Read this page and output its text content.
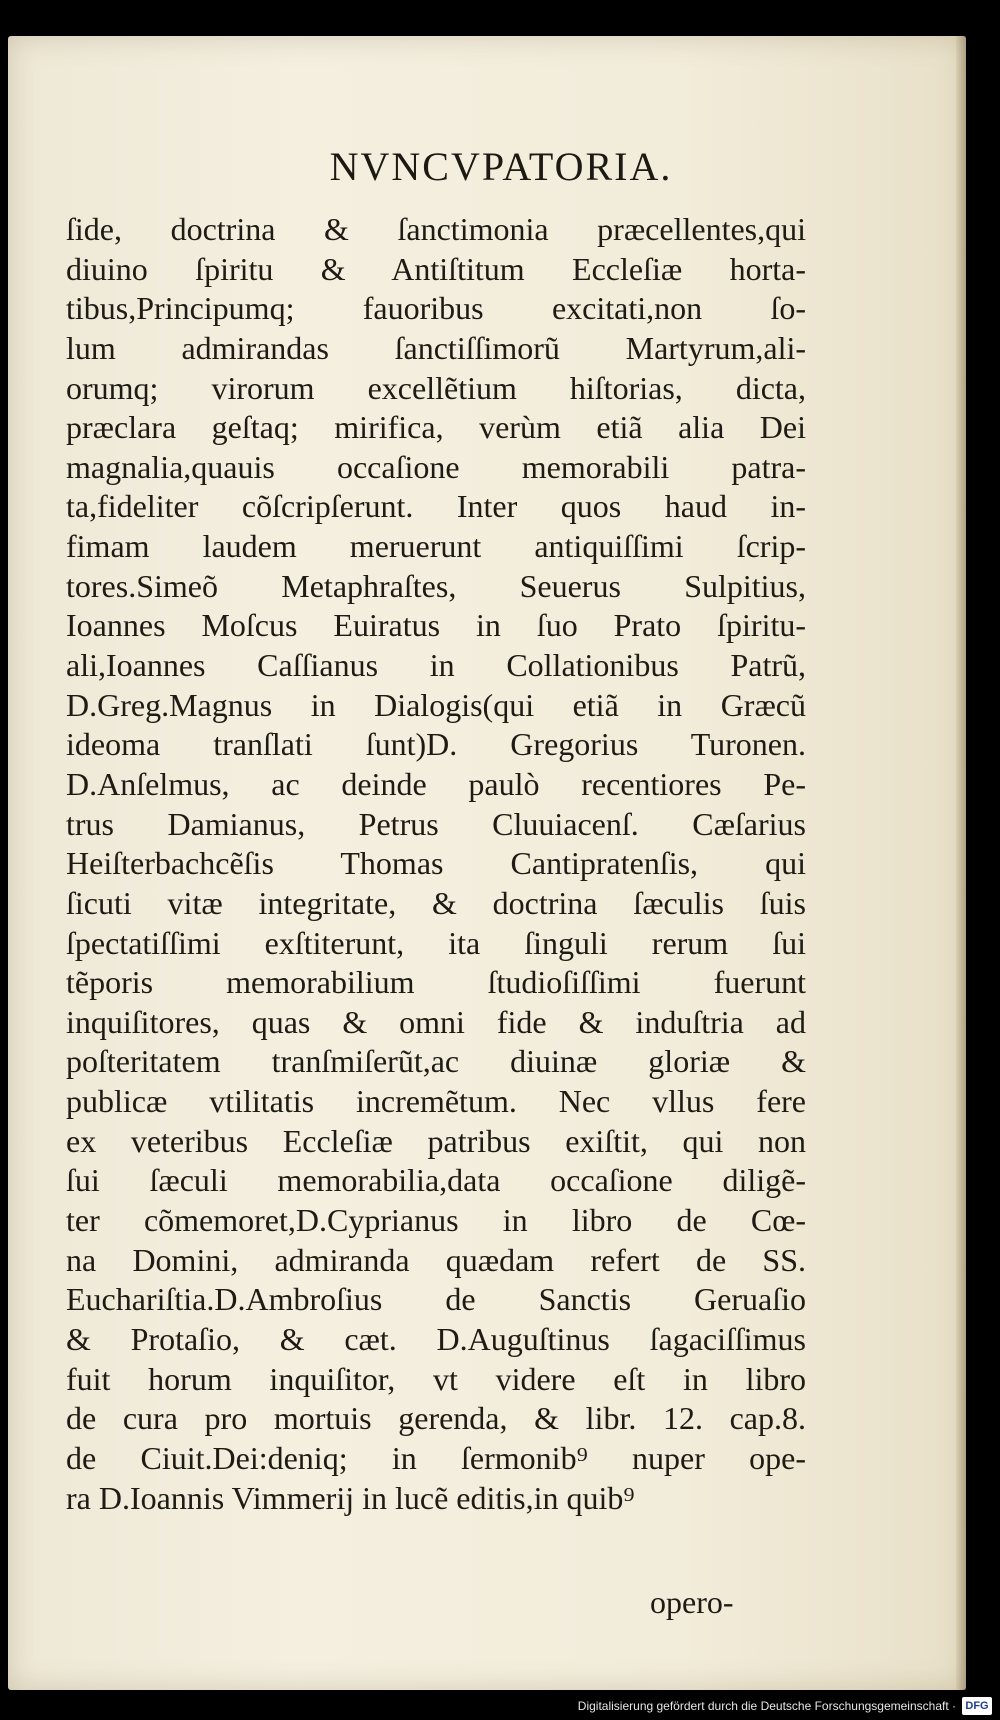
NVNCVPATORIA.
ſide, doctrina & ſanctimonia præcellentes,qui
diuino ſpiritu & Antiſtitum Eccleſiæ horta-
tibus,Principumq; fauoribus excitati,non ſo-
lum admirandas ſanctiſſimorũ Martyrum,ali-
orumq; virorum excellẽtium hiſtorias, dicta,
præclara geſtaq; mirifica, verùm etiã alia Dei
magnalia,quauis occaſione memorabili patra-
ta,fideliter cõſcripſerunt. Inter quos haud in-
fimam laudem meruerunt antiquiſſimi ſcrip-
tores.Simeõ Metaphraſtes, Seuerus Sulpitius,
Ioannes Moſcus Euiratus in ſuo Prato ſpiritu-
ali,Ioannes Caſſianus in Collationibus Patrũ,
D.Greg.Magnus in Dialogis(qui etiã in Græcũ
ideoma tranſlati ſunt)D. Gregorius Turonen.
D.Anſelmus, ac deinde paulò recentiores Pe-
trus Damianus, Petrus Cluuiacenſ. Cæſarius
Heiſterbachcẽſis Thomas Cantipratenſis, qui
ſicuti vitæ integritate, & doctrina ſæculis ſuis
ſpectatiſſimi exſtiterunt, ita ſinguli rerum ſui
tẽporis memorabilium ſtudioſiſſimi fuerunt
inquiſitores, quas & omni fide & induſtria ad
poſteritatem tranſmiſerũt,ac diuinæ gloriæ &
publicæ vtilitatis incremẽtum. Nec vllus fere
ex veteribus Eccleſiæ patribus exiſtit, qui non
ſui ſæculi memorabilia,data occaſione diligẽ-
ter cõmemoret,D.Cyprianus in libro de Cœ-
na Domini, admiranda quædam refert de SS.
Euchariſtia.D.Ambroſius de Sanctis Geruaſio
& Protaſio, & cæt. D.Auguſtinus ſagaciſſimus
fuit horum inquiſitor, vt videre eſt in libro
de cura pro mortuis gerenda, & libr. 12. cap.8.
de Ciuit.Dei:deniq; in ſermonib⁹ nuper ope-
ra D.Ioannis Vimmerij in lucẽ editis,in quib⁹
opero-
Digitalisierung gefördert durch die Deutsche Forschungsgemeinschaft · DFG
